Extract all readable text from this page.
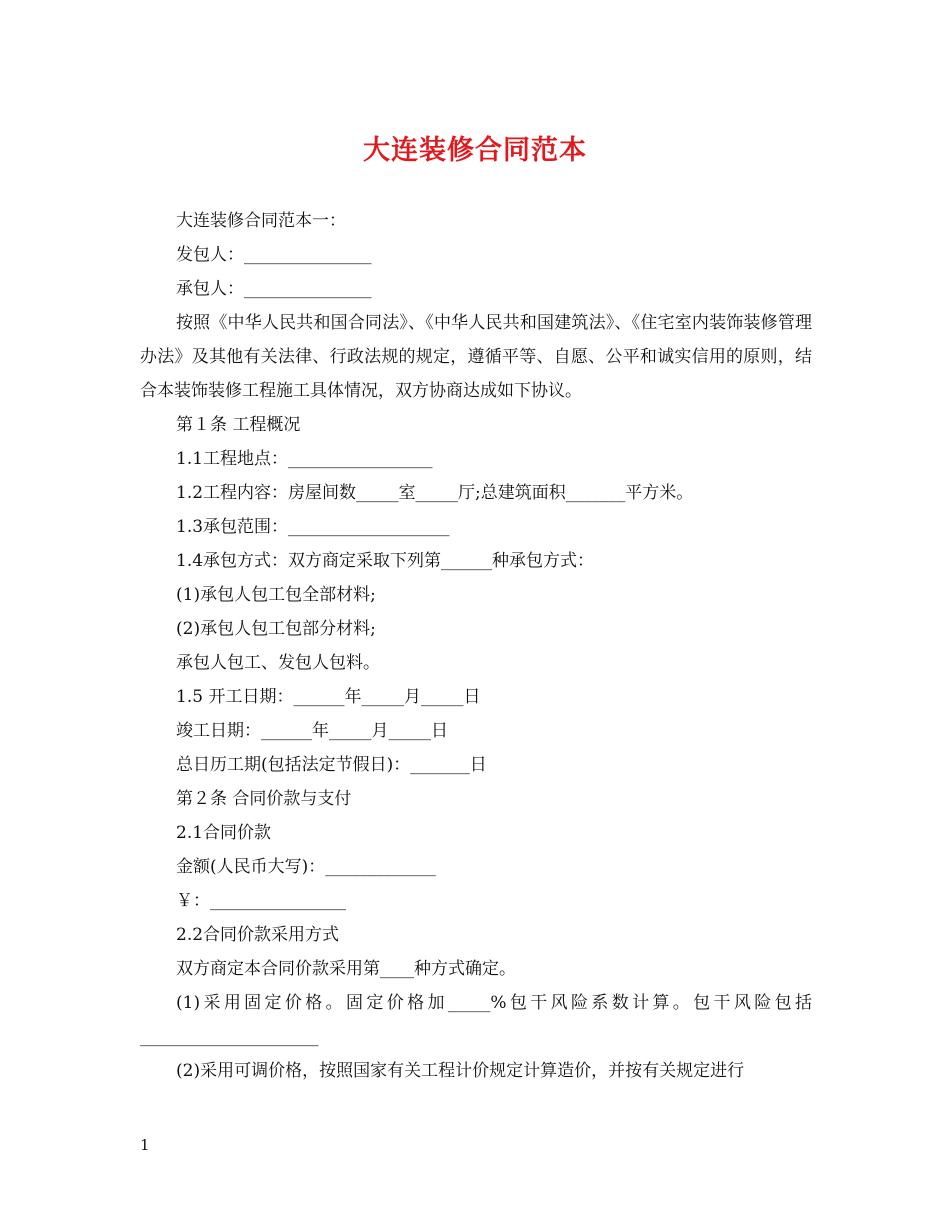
大连装修合同范本

大连装修合同范本一：

发包人：_______________

承包人：_______________

按照《中华人民共和国合同法》、《中华人民共和国建筑法》、《住宅室内装饰装修管理办法》及其他有关法律、行政法规的规定，遵循平等、自愿、公平和诚实信用的原则，结合本装饰装修工程施工具体情况，双方协商达成如下协议。

第１条 工程概况

1.1工程地点：_________________

1.2工程内容：房屋间数_____室_____厅;总建筑面积_______平方米。

1.3承包范围：___________________

1.4承包方式：双方商定采取下列第______种承包方式：

(1)承包人包工包全部材料;

(2)承包人包工包部分材料;

承包人包工、发包人包料。

1.5 开工日期：______年_____月_____日

竣工日期：______年_____月_____日

总日历工期(包括法定节假日)：_______日

第２条 合同价款与支付

2.1合同价款

金额(人民币大写)：_____________

￥：________________

2.2合同价款采用方式

双方商定本合同价款采用第____种方式确定。

(1)采用固定价格。固定价格加_____%包干风险系数计算。包干风险包括_____________________

(2)采用可调价格，按照国家有关工程计价规定计算造价，并按有关规定进行

1
